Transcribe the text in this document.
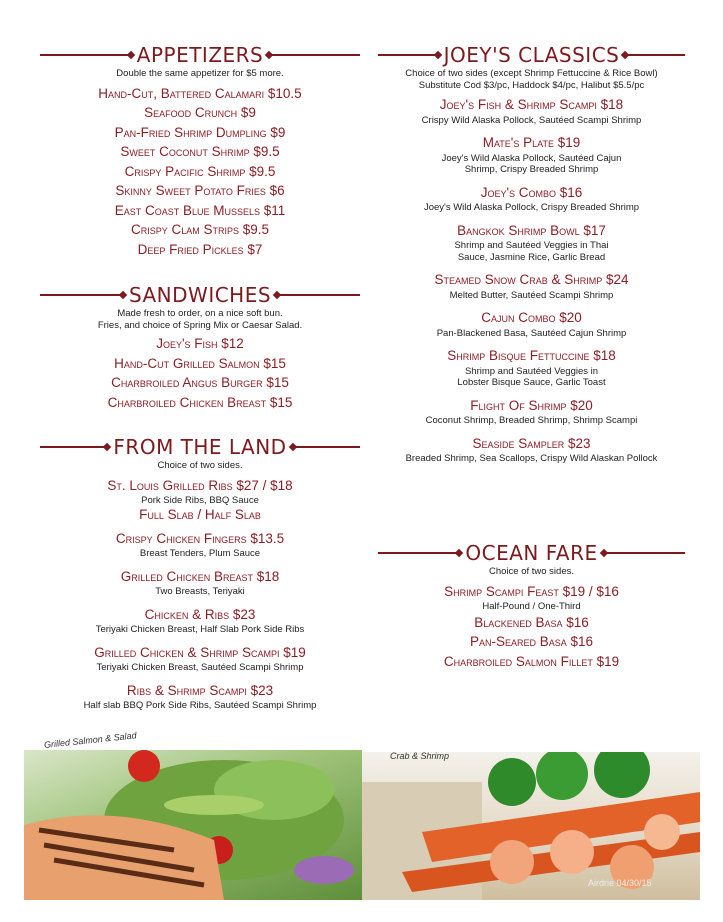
APPETIZERS
Double the same appetizer for $5 more.
Hand-Cut, Battered Calamari $10.5
Seafood Crunch $9
Pan-Fried Shrimp Dumpling $9
Sweet Coconut Shrimp $9.5
Crispy Pacific Shrimp $9.5
Skinny Sweet Potato Fries $6
East Coast Blue Mussels $11
Crispy Clam Strips $9.5
Deep Fried Pickles $7
SANDWICHES
Made fresh to order, on a nice soft bun.
Fries, and choice of Spring Mix or Caesar Salad.
Joey's Fish $12
Hand-Cut Grilled Salmon $15
Charbroiled Angus Burger $15
Charbroiled Chicken Breast $15
FROM THE LAND
Choice of two sides.
St. Louis Grilled Ribs $27 / $18
Pork Side Ribs, BBQ Sauce
Full Slab / Half Slab
Crispy Chicken Fingers $13.5
Breast Tenders, Plum Sauce
Grilled Chicken Breast $18
Two Breasts, Teriyaki
Chicken & Ribs $23
Teriyaki Chicken Breast, Half Slab Pork Side Ribs
Grilled Chicken & Shrimp Scampi $19
Teriyaki Chicken Breast, Sautéed Scampi Shrimp
Ribs & Shrimp Scampi $23
Half slab BBQ Pork Side Ribs, Sautéed Scampi Shrimp
JOEY'S CLASSICS
Choice of two sides (except Shrimp Fettuccine & Rice Bowl)
Substitute Cod $3/pc, Haddock $4/pc, Halibut $5.5/pc
Joey's Fish & Shrimp Scampi $18
Crispy Wild Alaska Pollock, Sautéed Scampi Shrimp
Mate's Plate $19
Joey's Wild Alaska Pollock, Sautéed Cajun
Shrimp, Crispy Breaded Shrimp
Joey's Combo $16
Joey's Wild Alaska Pollock, Crispy Breaded Shrimp
Bangkok Shrimp Bowl $17
Shrimp and Sautéed Veggies in Thai
Sauce, Jasmine Rice, Garlic Bread
Steamed Snow Crab & Shrimp $24
Melted Butter, Sautéed Scampi Shrimp
Cajun Combo $20
Pan-Blackened Basa, Sautéed Cajun Shrimp
Shrimp Bisque Fettuccine $18
Shrimp and Sautéed Veggies in
Lobster Bisque Sauce, Garlic Toast
Flight Of Shrimp $20
Coconut Shrimp, Breaded Shrimp, Shrimp Scampi
Seaside Sampler $23
Breaded Shrimp, Sea Scallops, Crispy Wild Alaskan Pollock
OCEAN FARE
Choice of two sides.
Shrimp Scampi Feast $19 / $16
Half-Pound / One-Third
Blackened Basa $16
Pan-Seared Basa $16
Charbroiled Salmon Fillet $19
Grilled Salmon & Salad
Crab & Shrimp
Airdrie 04/30/15
